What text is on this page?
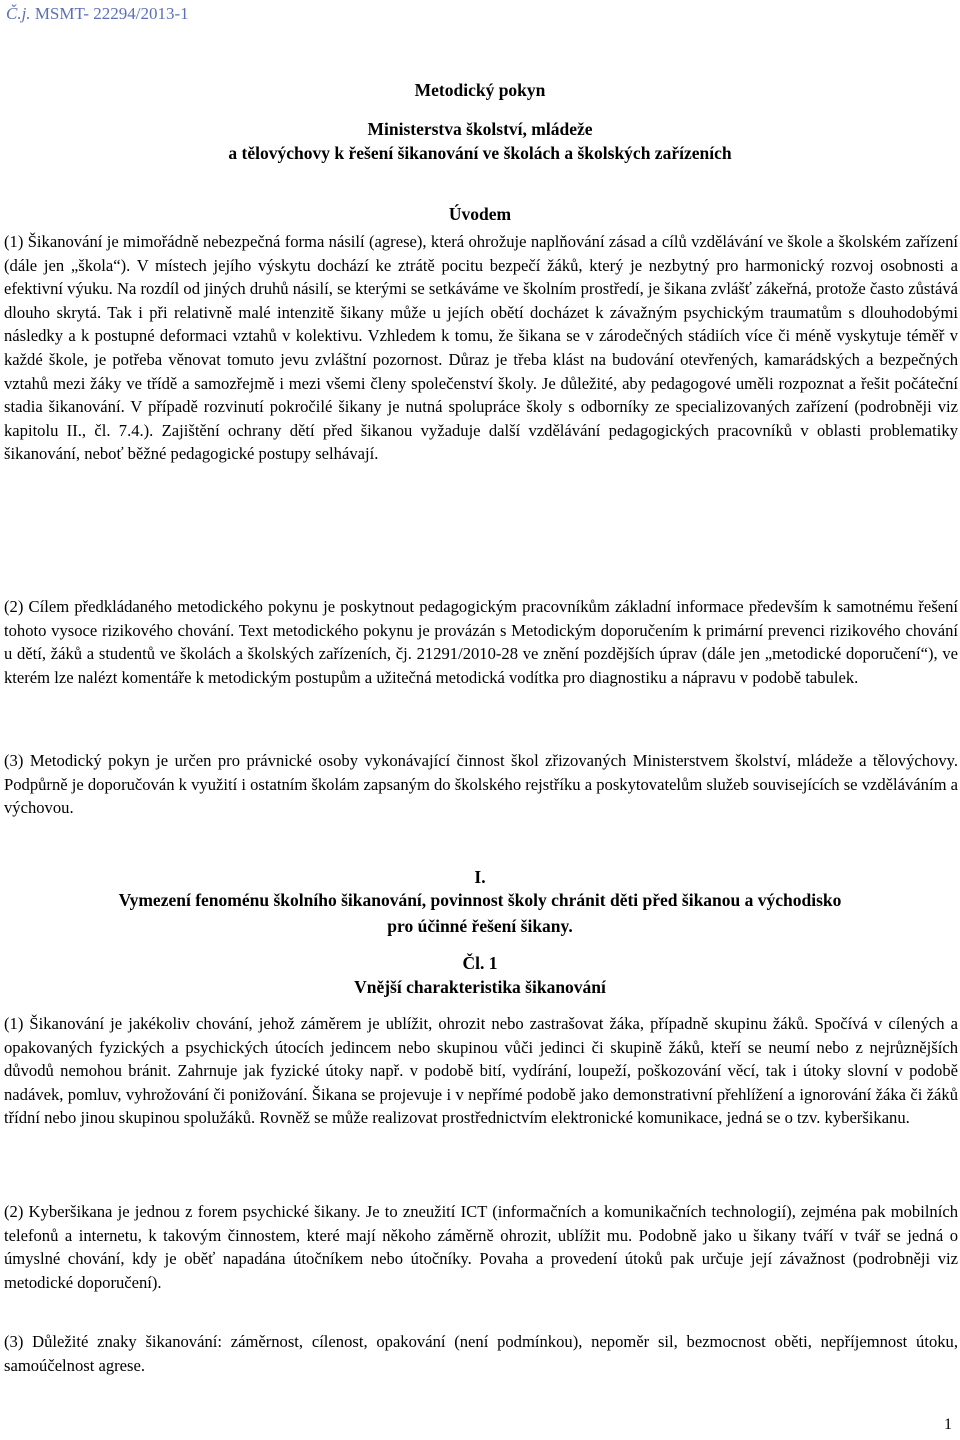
Č.j. MSMT- 22294/2013-1
Metodický pokyn
Ministerstva školství, mládeže
a tělovýchovy k řešení šikanování ve školách a školských zařízeních
Úvodem
(1) Šikanování je mimořádně nebezpečná forma násilí (agrese), která ohrožuje naplňování zásad a cílů vzdělávání ve škole a školském zařízení (dále jen „škola“). V místech jejího výskytu dochází ke ztrátě pocitu bezpečí žáků, který je nezbytný pro harmonický rozvoj osobnosti a efektivní výuku. Na rozdíl od jiných druhů násilí, se kterými se setkáváme ve školním prostředí, je šikana zvlášť zákeřná, protože často zůstává dlouho skrytá. Tak i při relativně malé intenzitě šikany může u jejích obětí docházet k závažným psychickým traumatům s dlouhodobými následky a k postupné deformaci vztahů v kolektivu. Vzhledem k tomu, že šikana se v zárodečných stádiích více či méně vyskytuje téměř v každé škole, je potřeba věnovat tomuto jevu zvláštní pozornost. Důraz je třeba klást na budování otevřených, kamarádských a bezpečných vztahů mezi žáky ve třídě a samozřejmě i mezi všemi členy společenství školy. Je důležité, aby pedagogové uměli rozpoznat a řešit počáteční stadia šikanování. V případě rozvinutí pokročilé šikany je nutná spolupráce školy s odborníky ze specializovaných zařízení (podrobněji viz kapitolu II., čl. 7.4.). Zajištění ochrany dětí před šikanou vyžaduje další vzdělávání pedagogických pracovníků v oblasti problematiky šikanování, neboť běžné pedagogické postupy selhávají.
(2) Cílem předkládaného metodického pokynu je poskytnout pedagogickým pracovníkům základní informace především k samotnému řešení tohoto vysoce rizikového chování. Text metodického pokynu je provázán s Metodickým doporučením k primární prevenci rizikového chování u dětí, žáků a studentů ve školách a školských zařízeních, čj. 21291/2010-28 ve znění pozdějších úprav (dále jen „metodické doporučení“), ve kterém lze nalézt komentáře k metodickým postupům a užitečná metodická vodítka pro diagnostiku a nápravu v podobě tabulek.
(3) Metodický pokyn je určen pro právnické osoby vykonávající činnost škol zřizovaných Ministerstvem školství, mládeže a tělovýchovy. Podpůrně je doporučován k využití i ostatním školám zapsaným do školského rejstříku a poskytovatelům služeb souvisejících se vzděláváním a výchovou.
I.
Vymezení fenoménu školního šikanování, povinnost školy chránit děti před šikanou a východisko
pro účinné řešení šikany.
Čl. 1
Vnější charakteristika šikanování
(1) Šikanování je jakékoliv chování, jehož záměrem je ublížit, ohrozit nebo zastrašovat žáka, případně skupinu žáků. Spočívá v cílených a opakovaných fyzických a psychických útocích jedincem nebo skupinou vůči jedinci či skupině žáků, kteří se neumí nebo z nejrůznějších důvodů nemohou bránit. Zahrnuje jak fyzické útoky např. v podobě bití, vydírání, loupeží, poškozování věcí, tak i útoky slovní v podobě nadávek, pomluv, vyhrožování či ponižování. Šikana se projevuje i v nepřímé podobě jako demonstrativní přehlížení a ignorování žáka či žáků třídní nebo jinou skupinou spolužáků. Rovněž se může realizovat prostřednictvím elektronické komunikace, jedná se o tzv. kyberšikanu.
(2) Kyberšikana je jednou z forem psychické šikany. Je to zneužití ICT (informačních a komunikačních technologií), zejména pak mobilních telefonů a internetu, k takovým činnostem, které mají někoho záměrně ohrozit, ublížit mu. Podobně jako u šikany tváří v tvář se jedná o úmyslné chování, kdy je oběť napadána útočníkem nebo útočníky. Povaha a provedení útoků pak určuje její závažnost (podrobněji viz metodické doporučení).
(3) Důležité znaky šikanování: záměrnost, cílenost, opakování (není podmínkou), nepoměr sil, bezmocnost oběti, nepříjemnost útoku, samoúčelnost agrese.
1
